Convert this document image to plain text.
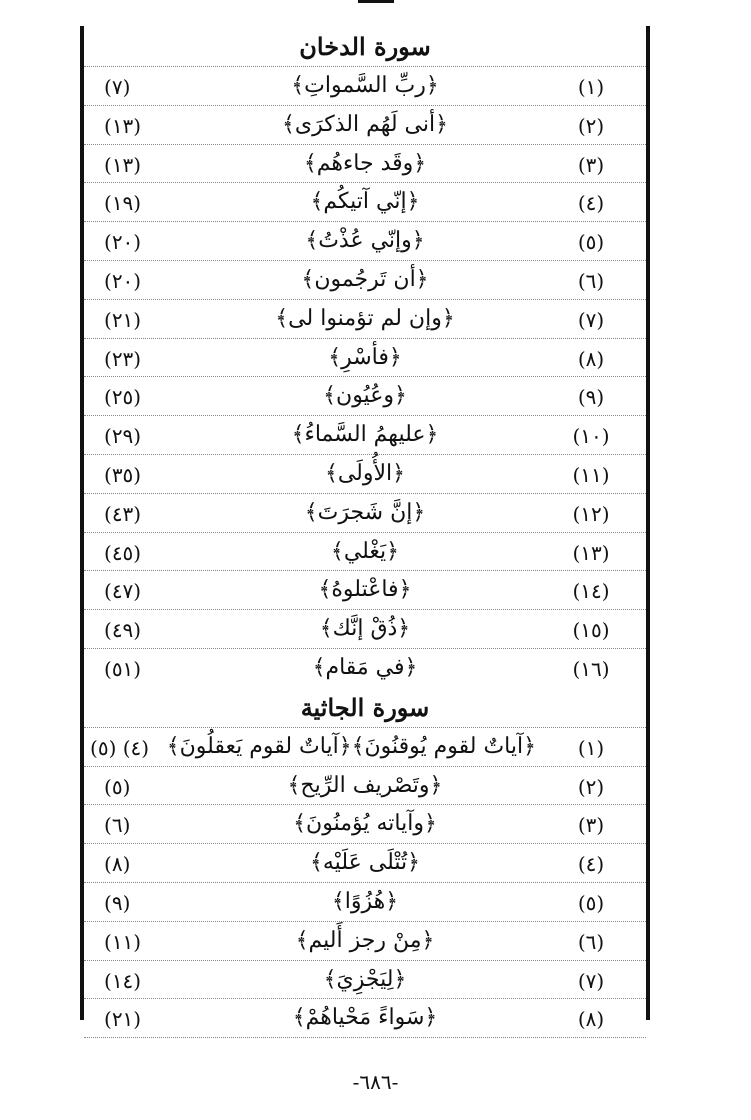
سورة الدخان
(١)
﴿ربِّ السَّمواتِ﴾
(٧)
(٢)
﴿أنى لَهُم الذكرَى﴾
(١٣)
(٣)
﴿وقَد جاءهُم﴾
(١٣)
(٤)
﴿إنّي آتيكُم﴾
(١٩)
(٥)
﴿وإنّي عُذْتُ﴾
(٢٠)
(٦)
﴿أن تَرجُمون﴾
(٢٠)
(٧)
﴿وإن لم تؤمنوا لى﴾
(٢١)
(٨)
﴿فأسْرِ﴾
(٢٣)
(٩)
﴿وعُيُون﴾
(٢٥)
(١٠)
﴿عليهمُ السَّماءُ﴾
(٢٩)
(١١)
﴿الأُولَى﴾
(٣٥)
(١٢)
﴿إنَّ شَجرَتَ﴾
(٤٣)
(١٣)
﴿يَغْلي﴾
(٤٥)
(١٤)
﴿فاعْتلوهُ﴾
(٤٧)
(١٥)
﴿ذُقْ إنَّك﴾
(٤٩)
(١٦)
﴿في مَقام﴾
(٥١)
سورة الجاثية
(١)
﴿آياتٌ لقوم يُوقنُونَ﴾﴿آياتٌ لقوم يَعقلُونَ﴾
(٤) (٥)
(٢)
﴿وتَصْريف الرِّيح﴾
(٥)
(٣)
﴿وآياته يُؤمنُونَ﴾
(٦)
(٤)
﴿تُتْلَى عَلَيْه﴾
(٨)
(٥)
﴿هُزُوًا﴾
(٩)
(٦)
﴿مِنْ رجز أَليم﴾
(١١)
(٧)
﴿لِيَجْزِيَ﴾
(١٤)
(٨)
﴿سَواءً مَحْياهُمْ﴾
(٢١)
-٦٨٦-
